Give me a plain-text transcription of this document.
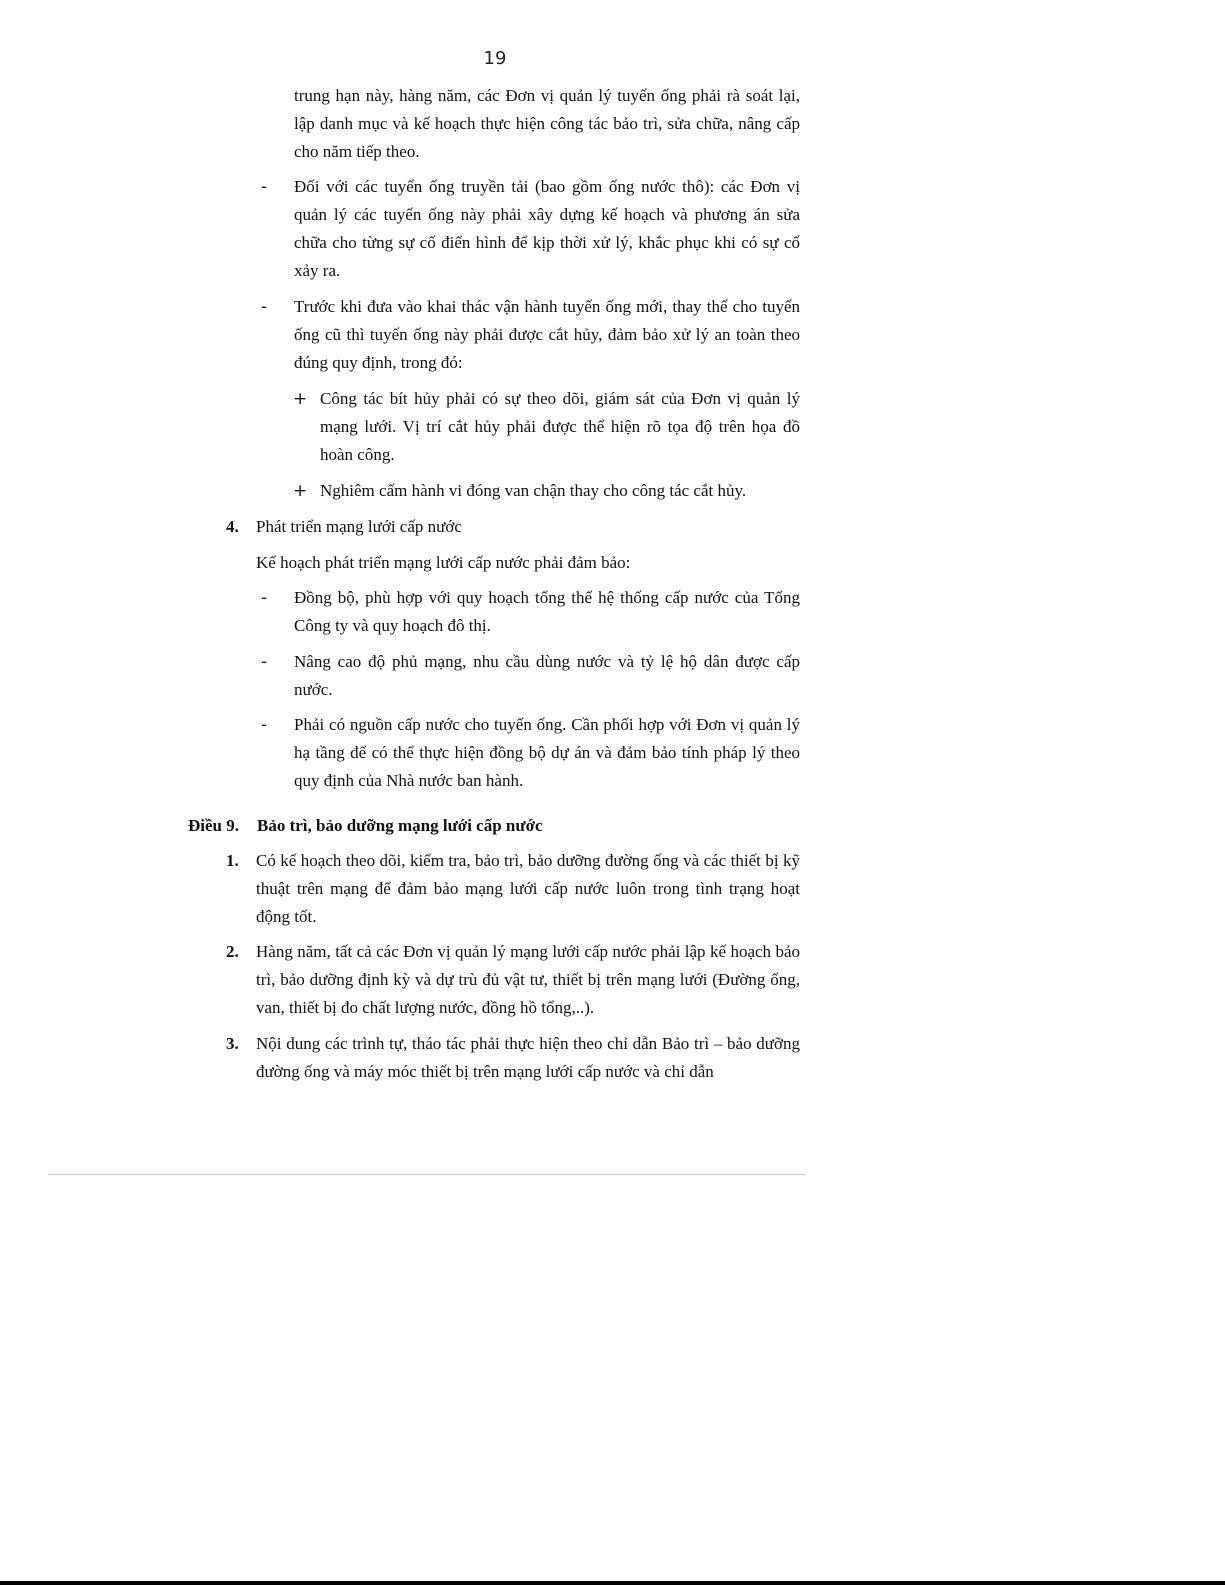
19
trung hạn này, hàng năm, các Đơn vị quản lý tuyến ống phải rà soát lại, lập danh mục và kế hoạch thực hiện công tác bảo trì, sửa chữa, nâng cấp cho năm tiếp theo.
- Đối với các tuyến ống truyền tải (bao gồm ống nước thô): các Đơn vị quản lý các tuyến ống này phải xây dựng kế hoạch và phương án sửa chữa cho từng sự cố điển hình để kịp thời xử lý, khắc phục khi có sự cố xảy ra.
- Trước khi đưa vào khai thác vận hành tuyến ống mới, thay thế cho tuyến ống cũ thì tuyến ống này phải được cắt hủy, đảm bảo xử lý an toàn theo đúng quy định, trong đó:
+ Công tác bít hủy phải có sự theo dõi, giám sát của Đơn vị quản lý mạng lưới. Vị trí cắt hủy phải được thể hiện rõ tọa độ trên họa đồ hoàn công.
+ Nghiêm cấm hành vi đóng van chận thay cho công tác cắt hủy.
4. Phát triển mạng lưới cấp nước
Kế hoạch phát triển mạng lưới cấp nước phải đảm bảo:
- Đồng bộ, phù hợp với quy hoạch tổng thể hệ thống cấp nước của Tổng Công ty và quy hoạch đô thị.
- Nâng cao độ phủ mạng, nhu cầu dùng nước và tỷ lệ hộ dân được cấp nước.
- Phải có nguồn cấp nước cho tuyến ống. Cần phối hợp với Đơn vị quản lý hạ tầng để có thể thực hiện đồng bộ dự án và đảm bảo tính pháp lý theo quy định của Nhà nước ban hành.
Điều 9. Bảo trì, bảo dưỡng mạng lưới cấp nước
1. Có kế hoạch theo dõi, kiểm tra, bảo trì, bảo dưỡng đường ống và các thiết bị kỹ thuật trên mạng để đảm bảo mạng lưới cấp nước luôn trong tình trạng hoạt động tốt.
2. Hàng năm, tất cả các Đơn vị quản lý mạng lưới cấp nước phải lập kế hoạch bảo trì, bảo dưỡng định kỳ và dự trù đủ vật tư, thiết bị trên mạng lưới (Đường ống, van, thiết bị đo chất lượng nước, đồng hồ tổng,..).
3. Nội dung các trình tự, tháo tác phải thực hiện theo chỉ dẫn Bảo trì – bảo dưỡng đường ống và máy móc thiết bị trên mạng lưới cấp nước và chỉ dẫn
